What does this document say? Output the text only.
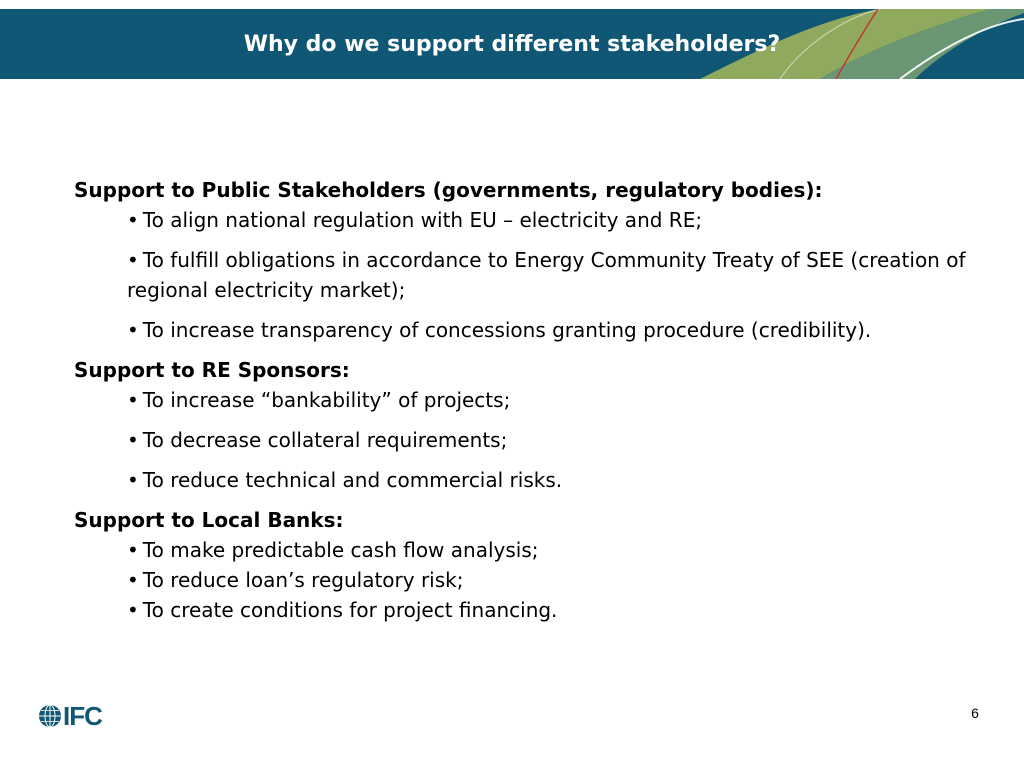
Why do we support different stakeholders?
Support to Public Stakeholders (governments, regulatory bodies):
• To align national regulation with EU – electricity and RE;
• To fulfill obligations in accordance to Energy Community Treaty of SEE (creation of regional electricity market);
• To increase transparency of concessions granting procedure (credibility).
Support to RE Sponsors:
• To increase “bankability” of projects;
• To decrease collateral requirements;
• To reduce technical and commercial risks.
Support to Local Banks:
• To make predictable cash flow analysis;
• To reduce loan’s regulatory risk;
• To create conditions for project financing.
IFC	6
